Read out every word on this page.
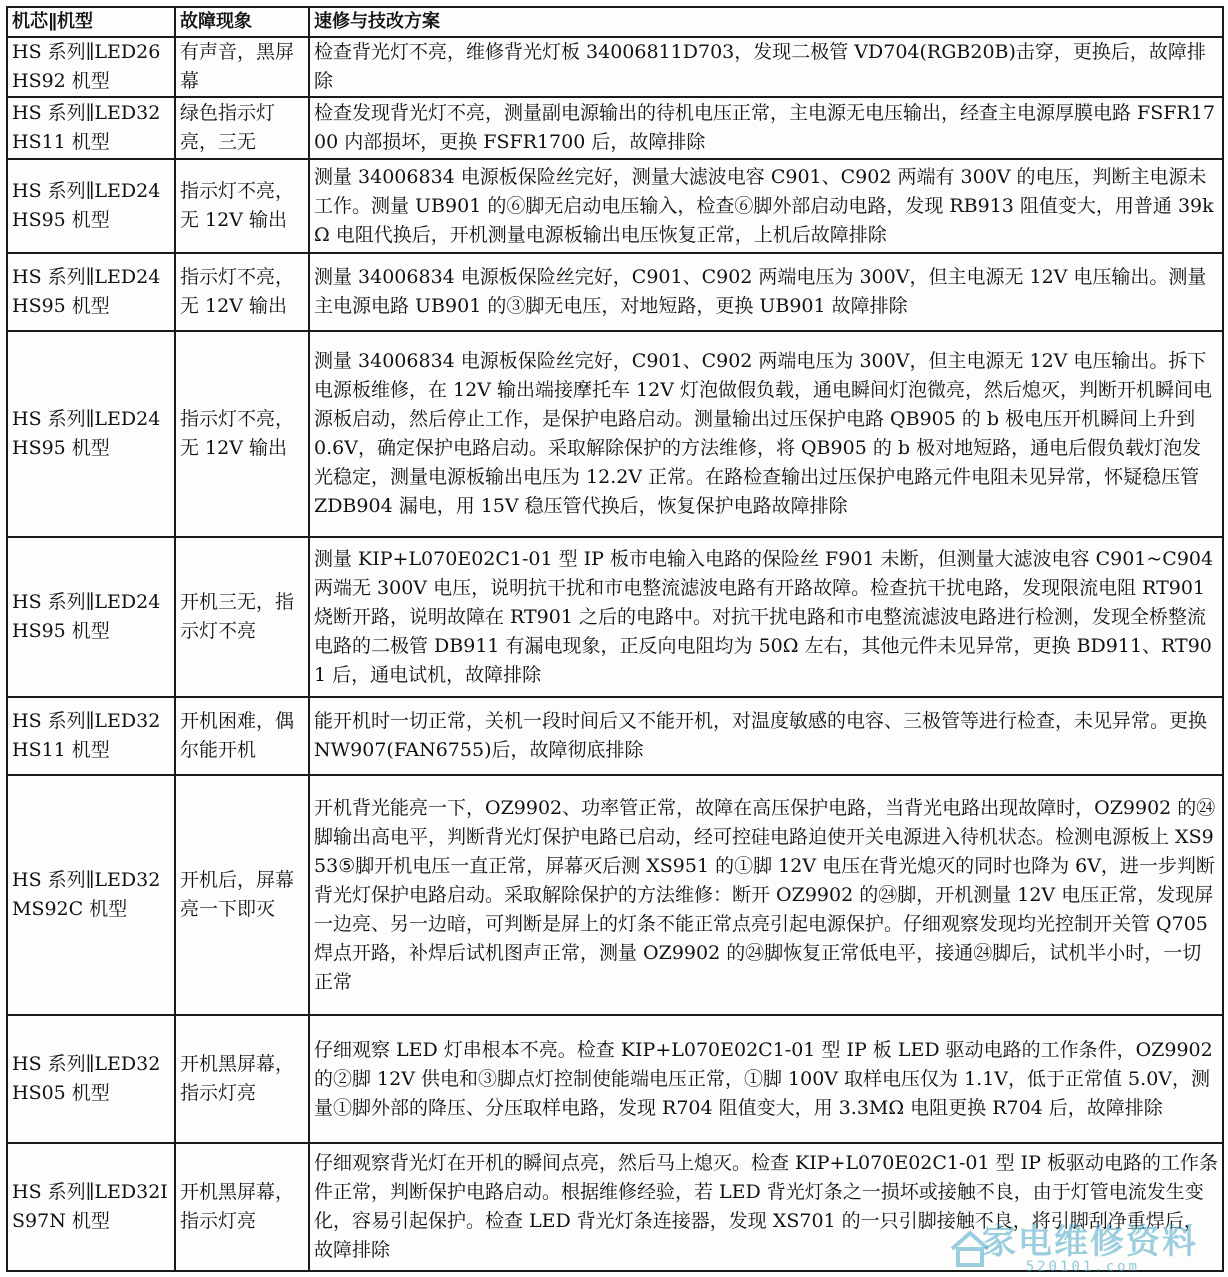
机芯∥机型	故障现象	速修与技改方案
HS 系列∥LED26HS92 机型	有声音，黑屏幕	检查背光灯不亮，维修背光灯板 34006811D703，发现二极管 VD704(RGB20B)击穿，更换后，故障排除
HS 系列∥LED32HS11 机型	绿色指示灯亮，三无	检查发现背光灯不亮，测量副电源输出的待机电压正常，主电源无电压输出，经查主电源厚膜电路 FSFR1700 内部损坏，更换 FSFR1700 后，故障排除
HS 系列∥LED24HS95 机型	指示灯不亮，无 12V 输出	测量 34006834 电源板保险丝完好，测量大滤波电容 C901、C902 两端有 300V 的电压，判断主电源未工作。测量 UB901 的⑥脚无启动电压输入，检查⑥脚外部启动电路，发现 RB913 阻值变大，用普通 39kΩ 电阻代换后，开机测量电源板输出电压恢复正常，上机后故障排除
HS 系列∥LED24HS95 机型	指示灯不亮，无 12V 输出	测量 34006834 电源板保险丝完好，C901、C902 两端电压为 300V，但主电源无 12V 电压输出。测量主电源电路 UB901 的③脚无电压，对地短路，更换 UB901 故障排除
HS 系列∥LED24HS95 机型	指示灯不亮，无 12V 输出	测量 34006834 电源板保险丝完好，C901、C902 两端电压为 300V，但主电源无 12V 电压输出。拆下电源板维修，在 12V 输出端接摩托车 12V 灯泡做假负载，通电瞬间灯泡微亮，然后熄灭，判断开机瞬间电源板启动，然后停止工作，是保护电路启动。测量输出过压保护电路 QB905 的 b 极电压开机瞬间上升到 0.6V，确定保护电路启动。采取解除保护的方法维修，将 QB905 的 b 极对地短路，通电后假负载灯泡发光稳定，测量电源板输出电压为 12.2V 正常。在路检查输出过压保护电路元件电阻未见异常，怀疑稳压管 ZDB904 漏电，用 15V 稳压管代换后，恢复保护电路故障排除
HS 系列∥LED24HS95 机型	开机三无，指示灯不亮	测量 KIP+L070E02C1-01 型 IP 板市电输入电路的保险丝 F901 未断，但测量大滤波电容 C901~C904 两端无 300V 电压，说明抗干扰和市电整流滤波电路有开路故障。检查抗干扰电路，发现限流电阻 RT901 烧断开路，说明故障在 RT901 之后的电路中。对抗干扰电路和市电整流滤波电路进行检测，发现全桥整流电路的二极管 DB911 有漏电现象，正反向电阻均为 50Ω 左右，其他元件未见异常，更换 BD911、RT901 后，通电试机，故障排除
HS 系列∥LED32HS11 机型	开机困难，偶尔能开机	能开机时一切正常，关机一段时间后又不能开机，对温度敏感的电容、三极管等进行检查，未见异常。更换 NW907(FAN6755)后，故障彻底排除
HS 系列∥LED32MS92C 机型	开机后，屏幕亮一下即灭	开机背光能亮一下，OZ9902、功率管正常，故障在高压保护电路，当背光电路出现故障时，OZ9902 的㉔脚输出高电平，判断背光灯保护电路已启动，经可控硅电路迫使开关电源进入待机状态。检测电源板上 XS953⑤脚开机电压一直正常，屏幕灭后测 XS951 的①脚 12V 电压在背光熄灭的同时也降为 6V，进一步判断背光灯保护电路启动。采取解除保护的方法维修：断开 OZ9902 的㉔脚，开机测量 12V 电压正常，发现屏一边亮、另一边暗，可判断是屏上的灯条不能正常点亮引起电源保护。仔细观察发现均光控制开关管 Q705 焊点开路，补焊后试机图声正常，测量 OZ9902 的㉔脚恢复正常低电平，接通㉔脚后，试机半小时，一切正常
HS 系列∥LED32HS05 机型	开机黑屏幕，指示灯亮	仔细观察 LED 灯串根本不亮。检查 KIP+L070E02C1-01 型 IP 板 LED 驱动电路的工作条件，OZ9902 的②脚 12V 供电和③脚点灯控制使能端电压正常，①脚 100V 取样电压仅为 1.1V，低于正常值 5.0V，测量①脚外部的降压、分压取样电路，发现 R704 阻值变大，用 3.3MΩ 电阻更换 R704 后，故障排除
HS 系列∥LED32IS97N 机型	开机黑屏幕，指示灯亮	仔细观察背光灯在开机的瞬间点亮，然后马上熄灭。检查 KIP+L070E02C1-01 型 IP 板驱动电路的工作条件正常，判断保护电路启动。根据维修经验，若 LED 背光灯条之一损坏或接触不良，由于灯管电流发生变化，容易引起保护。检查 LED 背光灯条连接器，发现 XS701 的一只引脚接触不良，将引脚刮净重焊后，故障排除	家电维修资料
520101.com
